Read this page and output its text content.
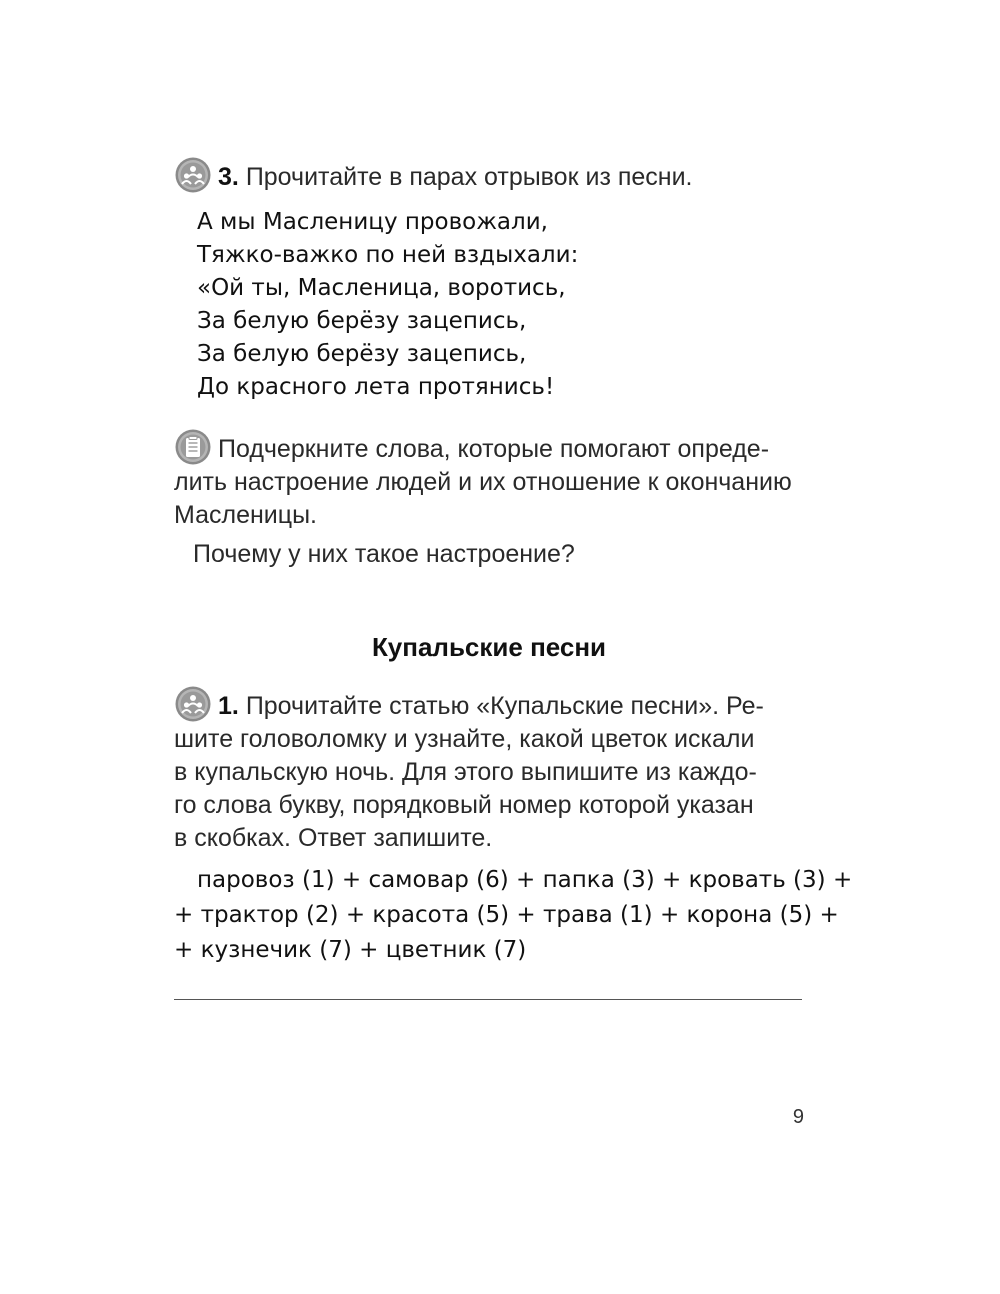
3. Прочитайте в парах отрывок из песни.
А мы Масленицу провожали,
Тяжко-важко по ней вздыхали:
«Ой ты, Масленица, воротись,
За белую берёзу зацепись,
За белую берёзу зацепись,
До красного лета протянись!
Подчеркните слова, которые помогают опреде-
лить настроение людей и их отношение к окончанию
Масленицы.
Почему у них такое настроение?
Купальские песни
1. Прочитайте статью «Купальские песни». Ре-
шите головоломку и узнайте, какой цветок искали
в купальскую ночь. Для этого выпишите из каждо-
го слова букву, порядковый номер которой указан
в скобках. Ответ запишите.
паровоз (1) + самовар (6) + папка (3) + кровать (3) +
+ трактор (2) + красота (5) + трава (1) + корона (5) +
+ кузнечик (7) + цветник (7)
9
